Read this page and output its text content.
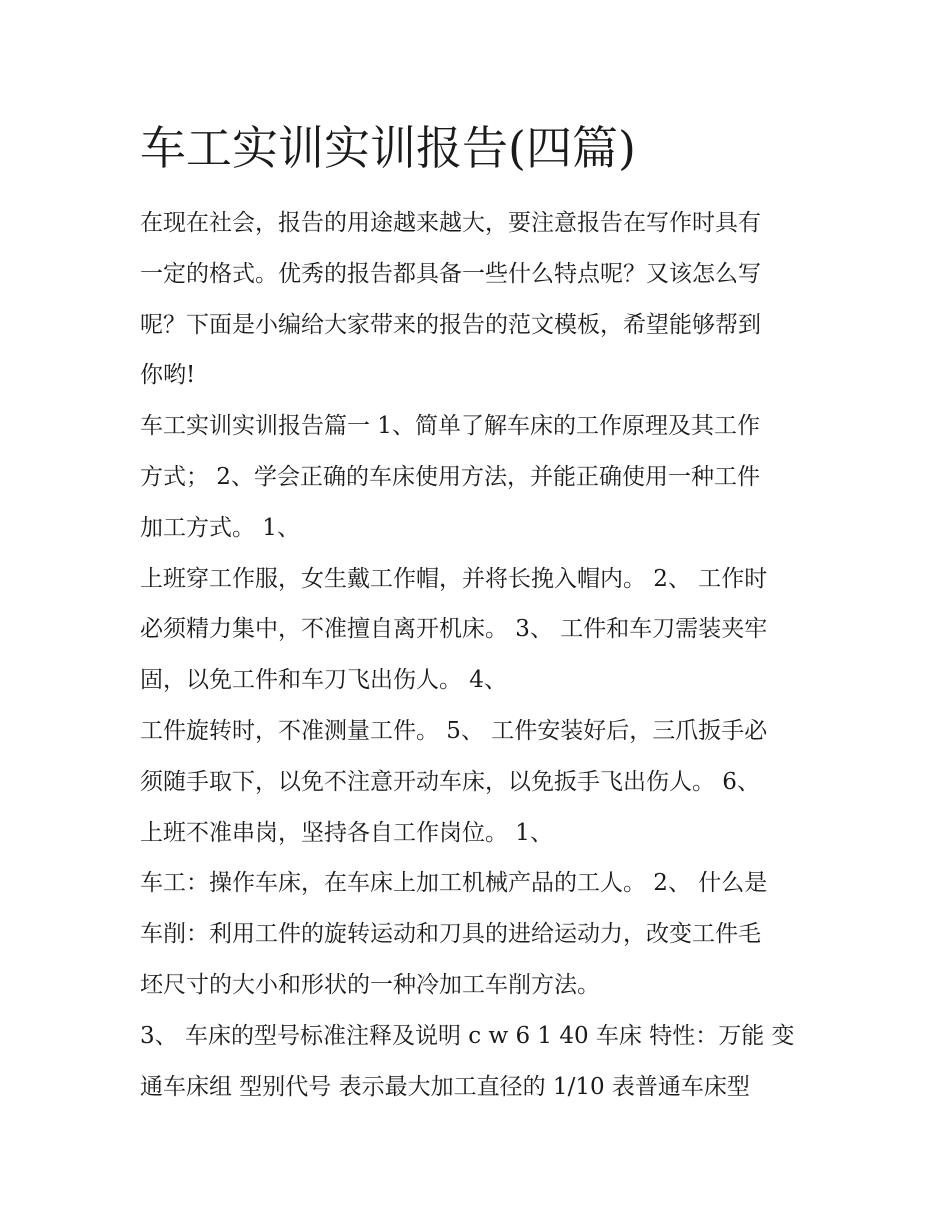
车工实训实训报告(四篇)

在现在社会，报告的用途越来越大，要注意报告在写作时具有
一定的格式。优秀的报告都具备一些什么特点呢？又该怎么写
呢？下面是小编给大家带来的报告的范文模板，希望能够帮到
你哟!

车工实训实训报告篇一 1、简单了解车床的工作原理及其工作
方式； 2、学会正确的车床使用方法，并能正确使用一种工件
加工方式。 1、

上班穿工作服，女生戴工作帽，并将长挽入帽内。 2、 工作时
必须精力集中，不准擅自离开机床。 3、 工件和车刀需装夹牢
固，以免工件和车刀飞出伤人。 4、

工件旋转时，不准测量工件。 5、 工件安装好后，三爪扳手必
须随手取下，以免不注意开动车床，以免扳手飞出伤人。 6、
上班不准串岗，坚持各自工作岗位。 1、

车工：操作车床，在车床上加工机械产品的工人。 2、 什么是
车削：利用工件的旋转运动和刀具的进给运动力，改变工件毛
坯尺寸的大小和形状的一种冷加工车削方法。

3、 车床的型号标准注释及说明 c w 6 1 40 车床 特性：万能 变
通车床组 型别代号 表示最大加工直径的 1/10 表普通车床型
